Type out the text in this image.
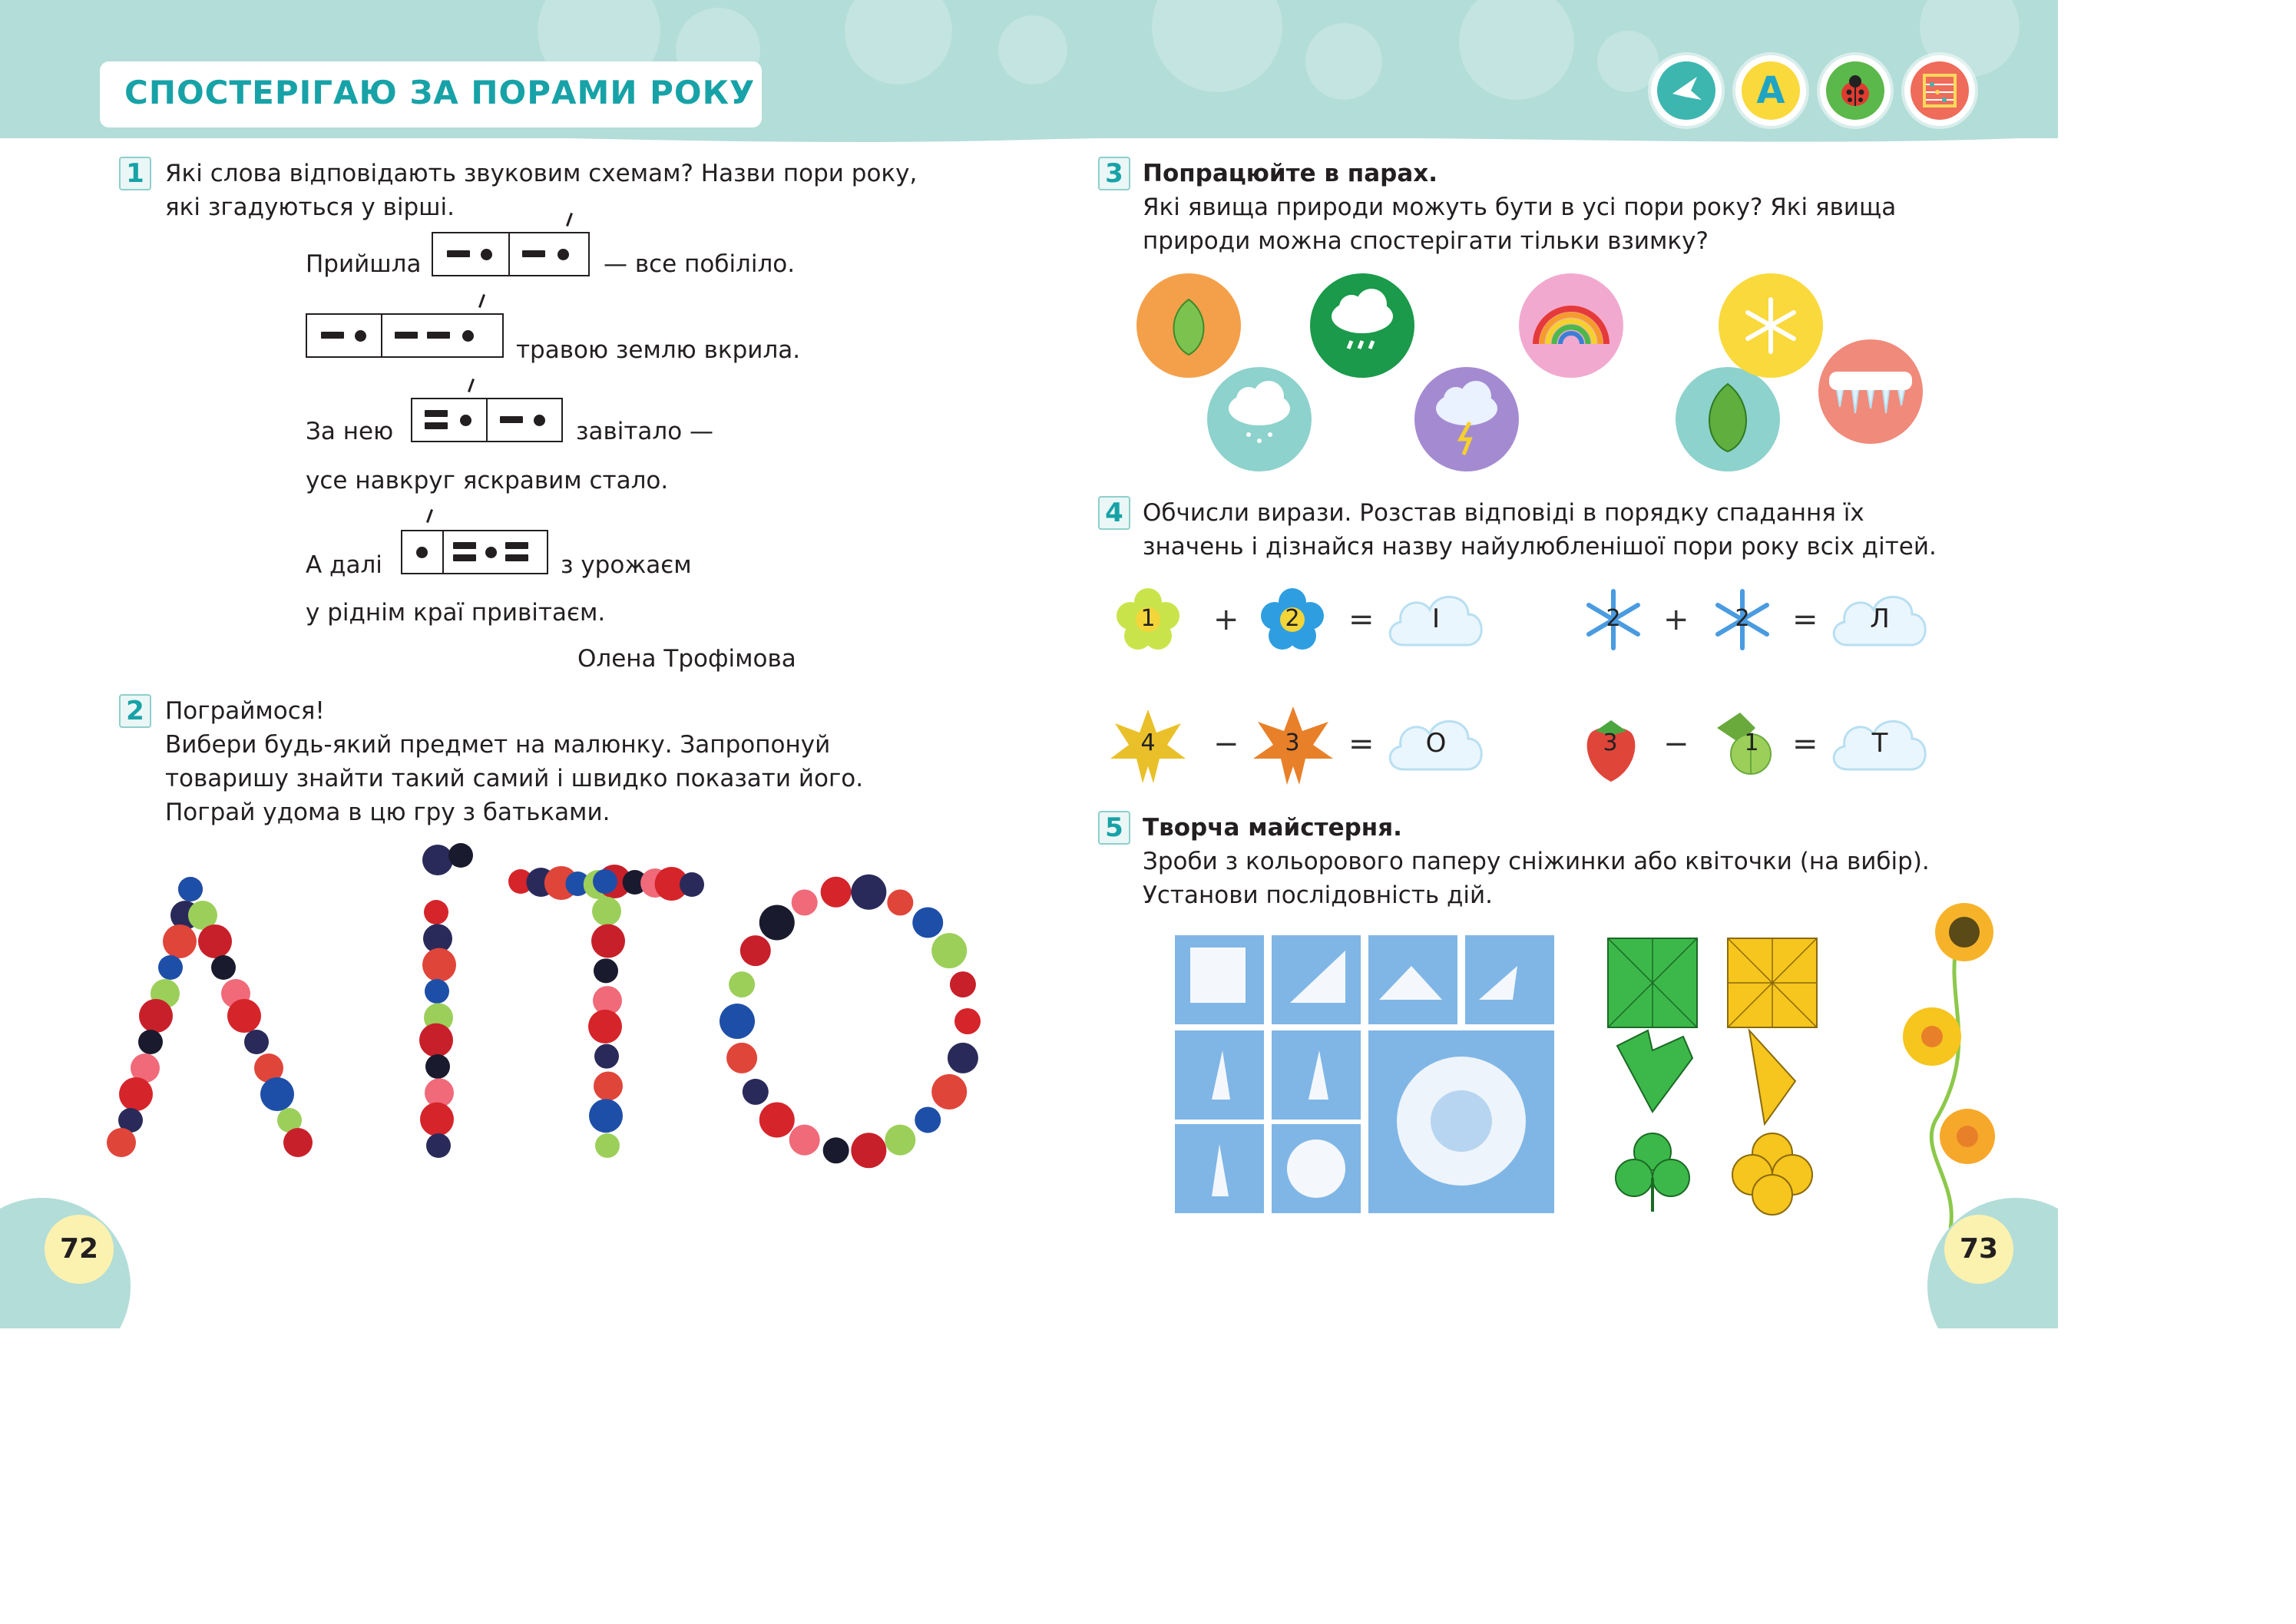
СПОСТЕРІГАЮ ЗА ПОРАМИ РОКУ	A
1 Які слова відповідають звуковим схемам? Назви пори року,
які згадуються у вірші.
Прийшла	— все побіліло.
травою землю вкрила.
За нею	завітало —
усе навкруг яскравим стало.
А далі	з урожаєм
у ріднім краї привітаєм.
Олена Трофімова
2 Пограймося!
Вибери будь-який предмет на малюнку. Запропонуй
товаришу знайти такий самий і швидко показати його.
Пограй удома в цю гру з батьками.
72
3 Попрацюйте в парах.
Які явища природи можуть бути в усі пори року? Які явища
природи можна спостерігати тільки взимку?
4 Обчисли вирази. Розстав відповіді в порядку спадання їх
значень і дізнайся назву найулюбленішої пори року всіх дітей.
1	+	2	=	І	2	+	2	=	Л
4	−	3	=	О	3	−	1	=	Т
5 Творча майстерня.
Зроби з кольорового паперу сніжинки або квіточки (на вибір).
Установи послідовність дій.
73
